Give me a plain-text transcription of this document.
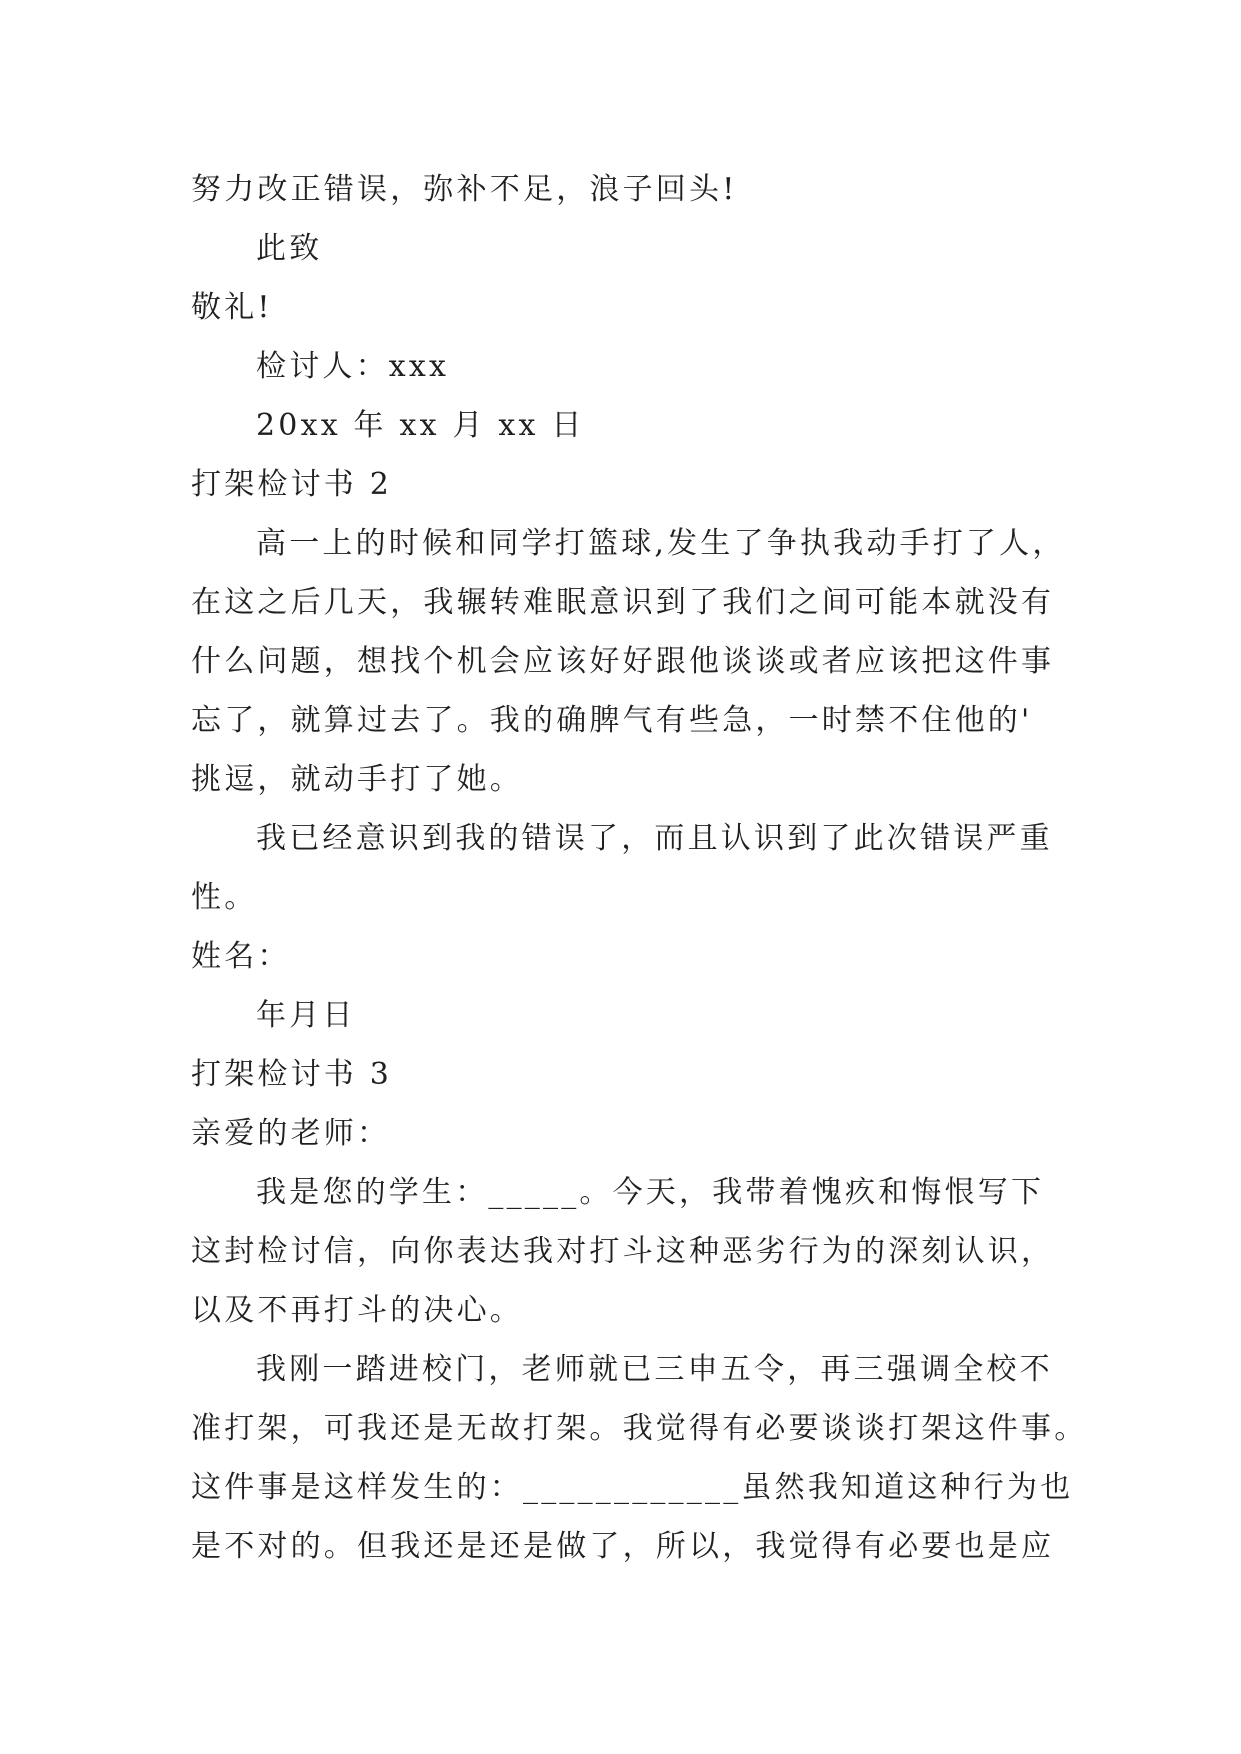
努力改正错误，弥补不足，浪子回头!
此致
敬礼!
检讨人：xxx
20xx 年 xx 月 xx 日
打架检讨书 2
高一上的时候和同学打篮球,发生了争执我动手打了人，
在这之后几天，我辗转难眠意识到了我们之间可能本就没有
什么问题，想找个机会应该好好跟他谈谈或者应该把这件事
忘了，就算过去了。我的确脾气有些急，一时禁不住他的'
挑逗，就动手打了她。
我已经意识到我的错误了，而且认识到了此次错误严重
性。
姓名：
年月日
打架检讨书 3
亲爱的老师：
我是您的学生：_____。今天，我带着愧疚和悔恨写下
这封检讨信，向你表达我对打斗这种恶劣行为的深刻认识，
以及不再打斗的决心。
我刚一踏进校门，老师就已三申五令，再三强调全校不
准打架，可我还是无故打架。我觉得有必要谈谈打架这件事。
这件事是这样发生的：____________虽然我知道这种行为也
是不对的。但我还是还是做了，所以，我觉得有必要也是应
